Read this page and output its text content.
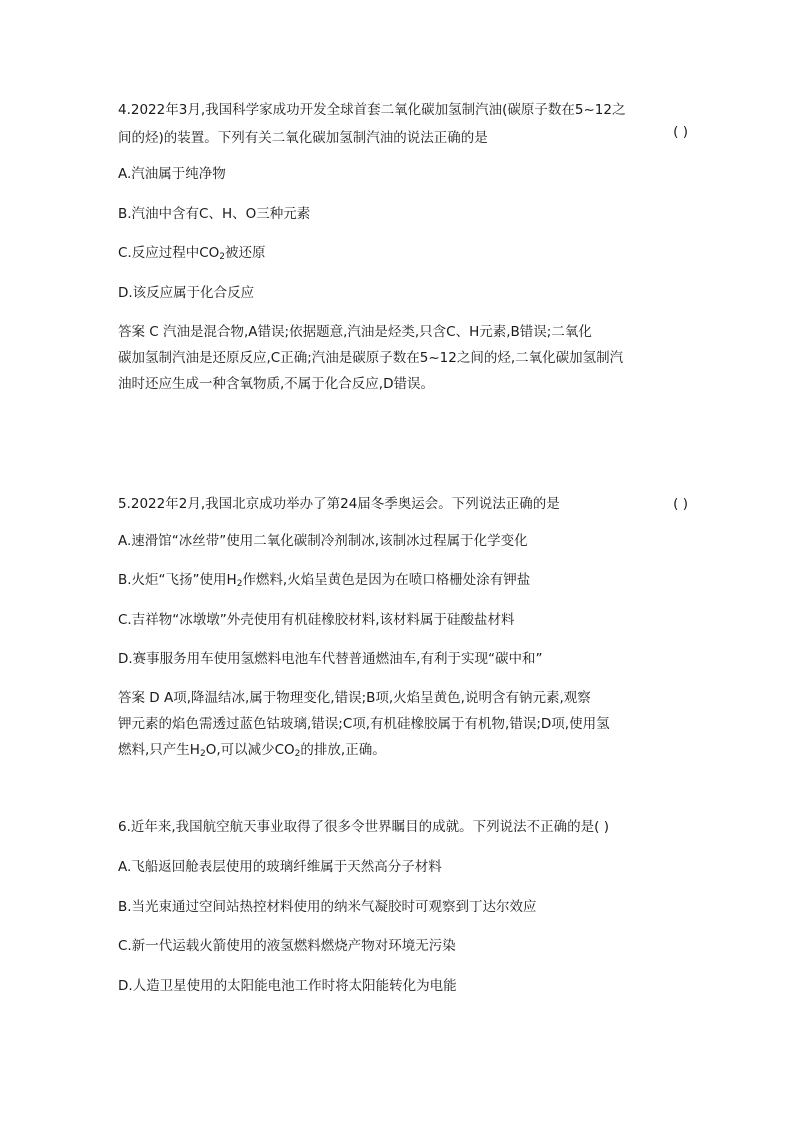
4.2022年3月,我国科学家成功开发全球首套二氧化碳加氢制汽油(碳原子数在5~12之
间的烃)的装置。下列有关二氧化碳加氢制汽油的说法正确的是	( )
A.汽油属于纯净物
B.汽油中含有C、H、O三种元素
C.反应过程中$CO_2$被还原
D.该反应属于化合反应
答案 C 汽油是混合物,A错误;依据题意,汽油是烃类,只含C、H元素,B错误;二氧化
碳加氢制汽油是还原反应,C正确;汽油是碳原子数在5~12之间的烃,二氧化碳加氢制汽
油时还应生成一种含氧物质,不属于化合反应,D错误。
5.2022年2月,我国北京成功举办了第24届冬季奥运会。下列说法正确的是	( )
A.速滑馆“冰丝带”使用二氧化碳制冷剂制冰,该制冰过程属于化学变化
B.火炬“飞扬”使用$H_2$作燃料,火焰呈黄色是因为在喷口格栅处涂有钾盐
C.吉祥物“冰墩墩”外壳使用有机硅橡胶材料,该材料属于硅酸盐材料
D.赛事服务用车使用氢燃料电池车代替普通燃油车,有利于实现“碳中和”
答案 D A项,降温结冰,属于物理变化,错误;B项,火焰呈黄色,说明含有钠元素,观察
钾元素的焰色需透过蓝色钴玻璃,错误;C项,有机硅橡胶属于有机物,错误;D项,使用氢
燃料,只产生$H_2O$,可以减少$CO_2$的排放,正确。
6.近年来,我国航空航天事业取得了很多令世界瞩目的成就。下列说法不正确的是( )
A.飞船返回舱表层使用的玻璃纤维属于天然高分子材料
B.当光束通过空间站热控材料使用的纳米气凝胶时可观察到丁达尔效应
C.新一代运载火箭使用的液氢燃料燃烧产物对环境无污染
D.人造卫星使用的太阳能电池工作时将太阳能转化为电能
